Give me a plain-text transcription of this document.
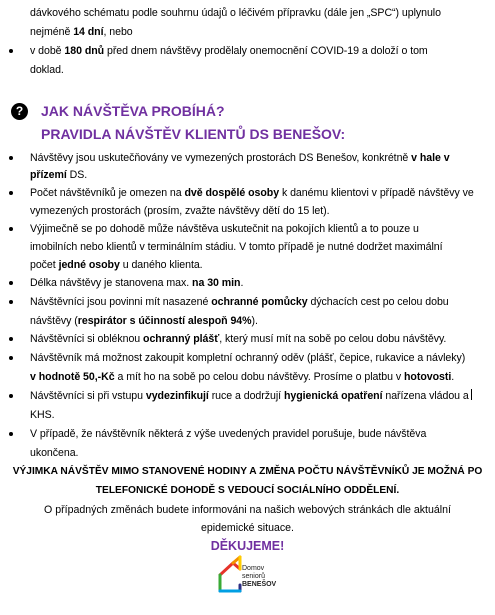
dávkového schématu podle souhrnu údajů o léčivém přípravku (dále jen „SPC“) uplynulo
nejméně 14 dní, nebo
v době 180 dnů před dnem návštěvy prodělaly onemocnění COVID-19 a doloží o tom
doklad.
?	JAK NÁVŠTĚVA PROBÍHÁ?
PRAVIDLA NÁVŠTĚV KLIENTŮ DS BENEŠOV:
Návštěvy jsou uskutečňovány ve vymezených prostorách DS Benešov, konkrétně v hale v
přízemí DS.
Počet návštěvníků je omezen na dvě dospělé osoby k danému klientovi v případě návštěvy ve
vymezených prostorách (prosím, zvažte návštěvy dětí do 15 let).
Výjimečně se po dohodě může návštěva uskutečnit na pokojích klientů a to pouze u
imobilních nebo klientů v terminálním stádiu. V tomto případě je nutné dodržet maximální
počet jedné osoby u daného klienta.
Délka návštěvy je stanovena max. na 30 min.
Návštěvníci jsou povinni mít nasazené ochranné pomůcky dýchacích cest po celou dobu
návštěvy (respirátor s účinností alespoň 94%).
Návštěvníci si obléknou ochranný plášť, který musí mít na sobě po celou dobu návštěvy.
Návštěvník má možnost zakoupit kompletní ochranný oděv (plášť, čepice, rukavice a návleky)
v hodnotě 50,-Kč a mít ho na sobě po celou dobu návštěvy. Prosíme o platbu v hotovosti.
Návštěvníci si při vstupu vydezinfikují ruce a dodržují hygienická opatření nařízena vládou a
KHS.
V případě, že návštěvník některá z výše uvedených pravidel porušuje, bude návštěva
ukončena.
VÝJIMKA NÁVŠTĚV MIMO STANOVENÉ HODINY A ZMĚNA POČTU NÁVŠTĚVNÍKŮ JE MOŽNÁ PO
TELEFONICKÉ DOHODĚ S VEDOUCÍ SOCIÁLNÍHO ODDĚLENÍ.
O případných změnách budete informováni na našich webových stránkách dle aktuální
epidemické situace.
DĚKUJEME!
Domov
seniorů
BENEŠOV
